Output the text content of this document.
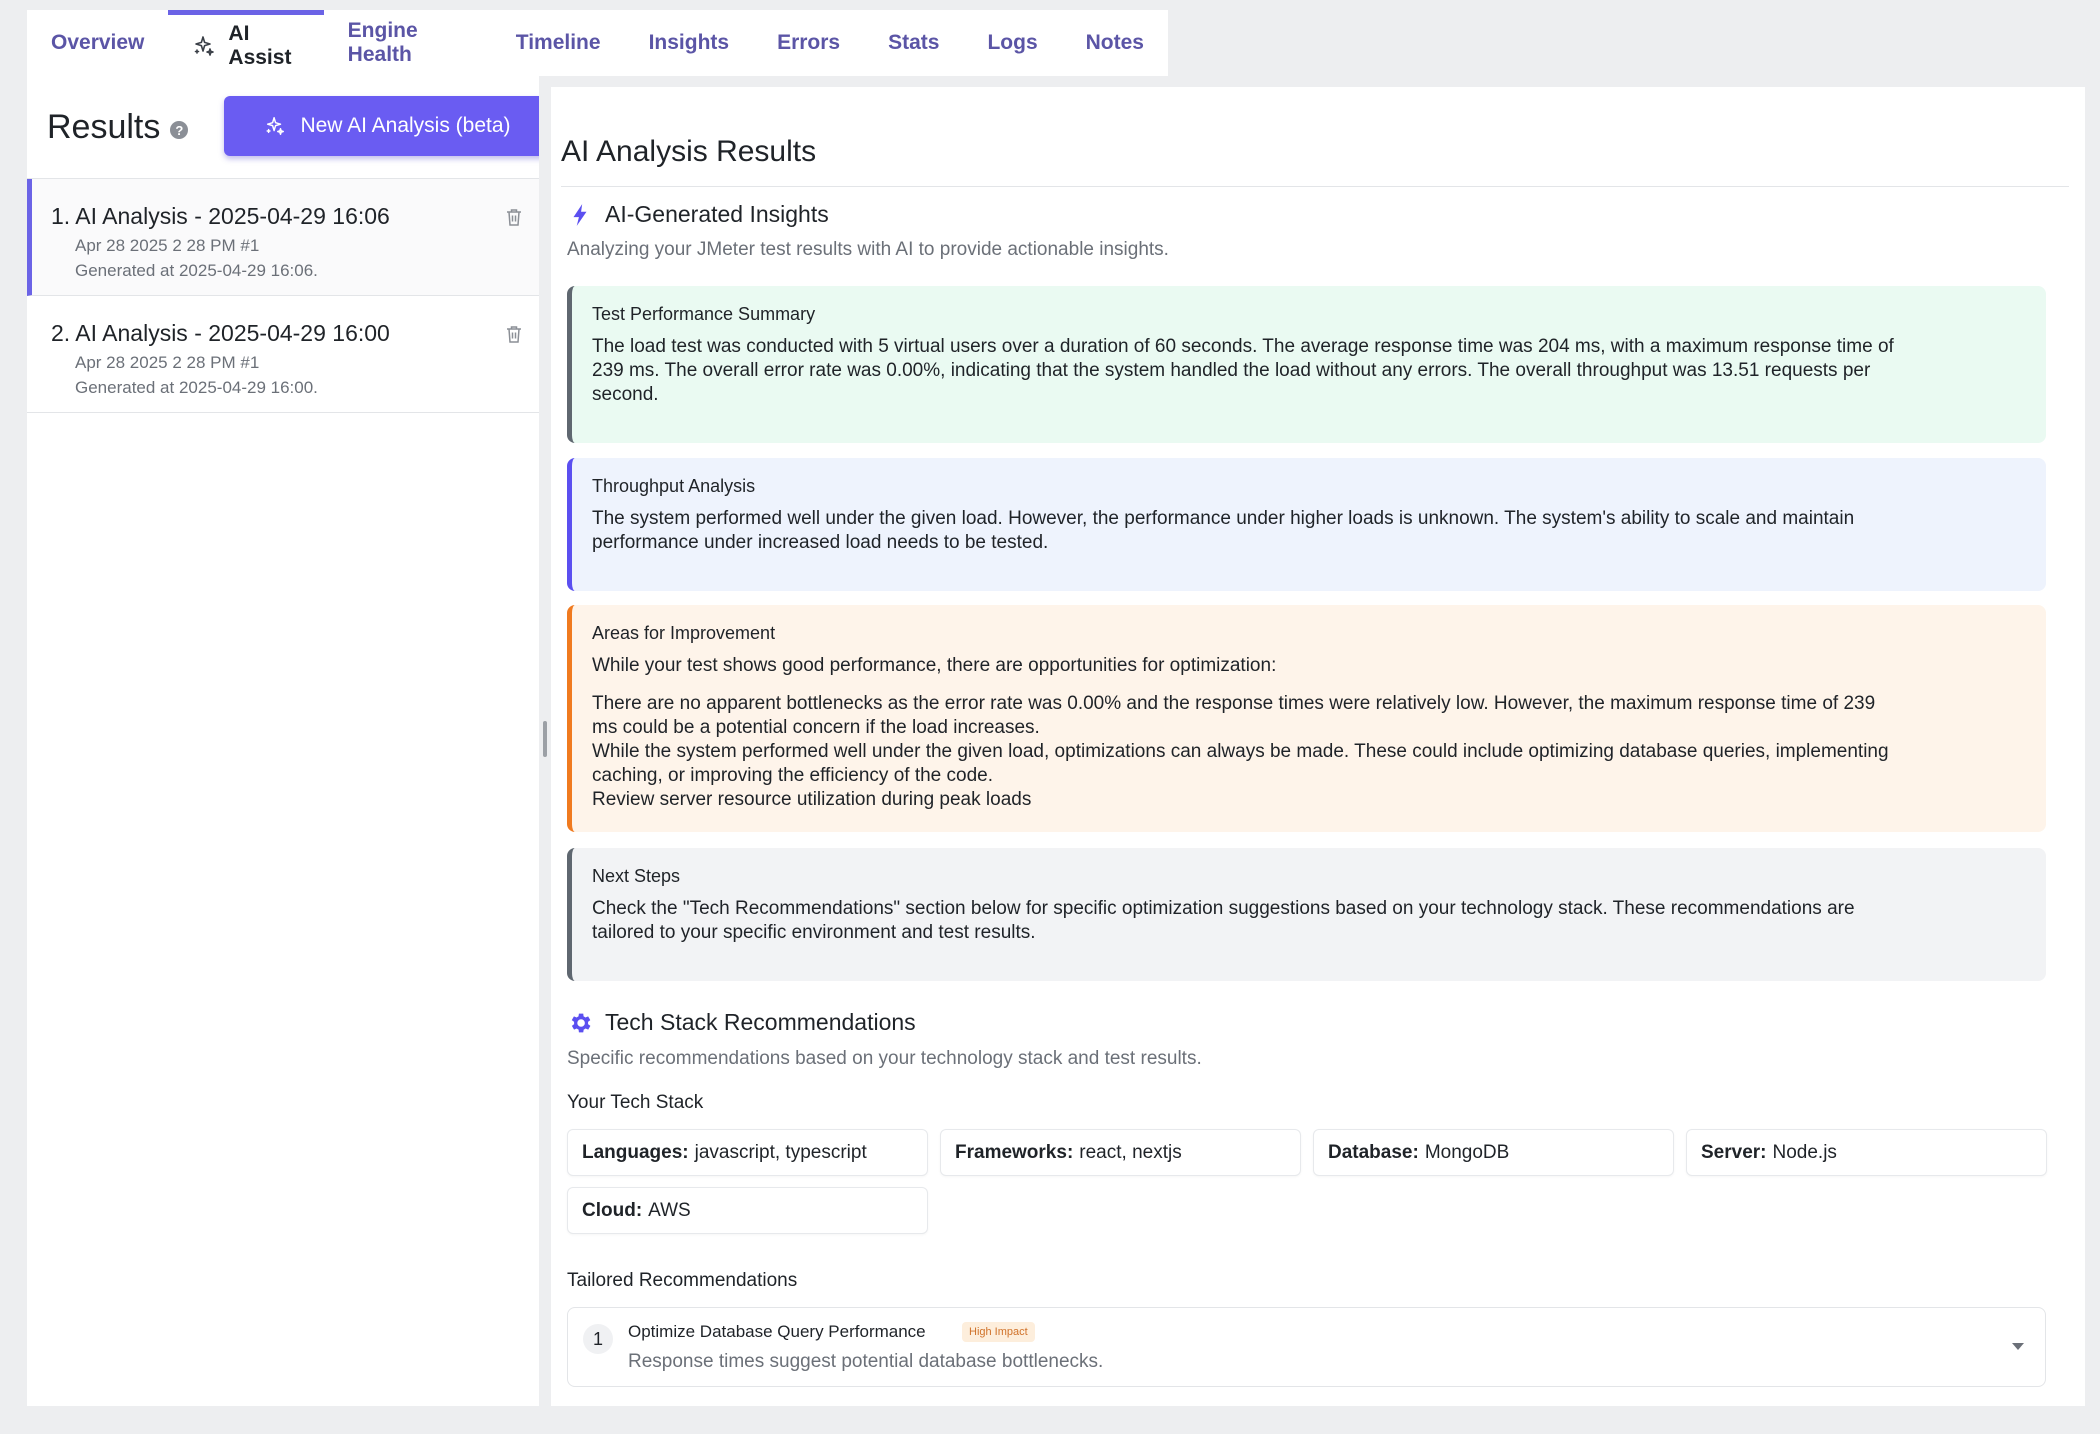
Overview	AI Assist
Engine Health
Timeline Insights Errors Stats Logs Notes
Results	?	New AI Analysis (beta)
1. AI Analysis - 2025-04-29 16:06
Apr 28 2025 2 28 PM #1
Generated at 2025-04-29 16:06.
2. AI Analysis - 2025-04-29 16:00
Apr 28 2025 2 28 PM #1
Generated at 2025-04-29 16:00.
AI Analysis Results
AI-Generated Insights
Analyzing your JMeter test results with AI to provide actionable insights.
Test Performance Summary
The load test was conducted with 5 virtual users over a duration of 60 seconds. The average response time was 204 ms, with a maximum response time of
239 ms. The overall error rate was 0.00%, indicating that the system handled the load without any errors. The overall throughput was 13.51 requests per
second.
Throughput Analysis
The system performed well under the given load. However, the performance under higher loads is unknown. The system's ability to scale and maintain
performance under increased load needs to be tested.
Areas for Improvement
While your test shows good performance, there are opportunities for optimization:
There are no apparent bottlenecks as the error rate was 0.00% and the response times were relatively low. However, the maximum response time of 239
ms could be a potential concern if the load increases.
While the system performed well under the given load, optimizations can always be made. These could include optimizing database queries, implementing
caching, or improving the efficiency of the code.
Review server resource utilization during peak loads
Next Steps
Check the "Tech Recommendations" section below for specific optimization suggestions based on your technology stack. These recommendations are
tailored to your specific environment and test results.
Tech Stack Recommendations
Specific recommendations based on your technology stack and test results.
Your Tech Stack
Languages: javascript, typescript	Frameworks: react, nextjs	Database: MongoDB	Server: Node.js
Cloud: AWS
Tailored Recommendations
1	Optimize Database Query Performance	High Impact
Response times suggest potential database bottlenecks.
